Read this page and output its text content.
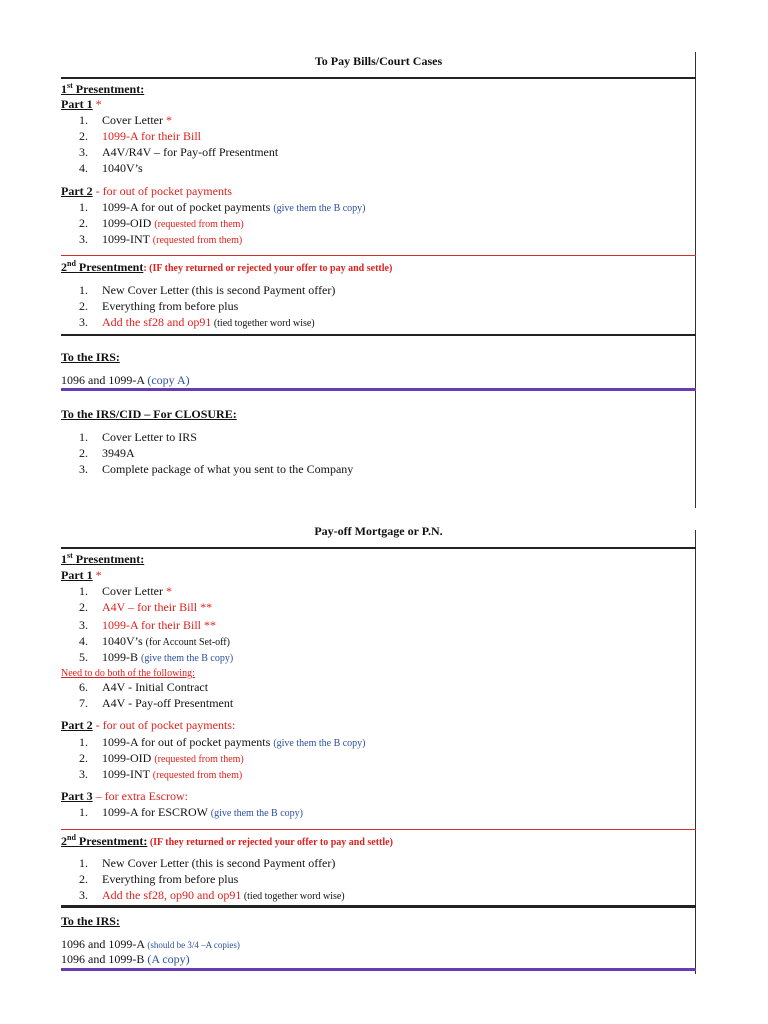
To Pay Bills/Court Cases
1st Presentment:
Part 1 *
1. Cover Letter *
2. 1099-A for their Bill
3. A4V/R4V – for Pay-off Presentment
4. 1040V’s
Part 2 - for out of pocket payments
1. 1099-A for out of pocket payments (give them the B copy)
2. 1099-OID (requested from them)
3. 1099-INT (requested from them)
2nd Presentment: (IF they returned or rejected your offer to pay and settle)
1. New Cover Letter (this is second Payment offer)
2. Everything from before plus
3. Add the sf28 and op91 (tied together word wise)
To the IRS:
1096 and 1099-A (copy A)
To the IRS/CID – For CLOSURE:
1. Cover Letter to IRS
2. 3949A
3. Complete package of what you sent to the Company
Pay-off Mortgage or P.N.
1st Presentment:
Part 1 *
1. Cover Letter *
2. A4V – for their Bill **
3. 1099-A for their Bill **
4. 1040V’s (for Account Set-off)
5. 1099-B (give them the B copy)
Need to do both of the following:
6. A4V - Initial Contract
7. A4V - Pay-off Presentment
Part 2 - for out of pocket payments:
1. 1099-A for out of pocket payments (give them the B copy)
2. 1099-OID (requested from them)
3. 1099-INT (requested from them)
Part 3 – for extra Escrow:
1. 1099-A for ESCROW (give them the B copy)
2nd Presentment: (IF they returned or rejected your offer to pay and settle)
1. New Cover Letter (this is second Payment offer)
2. Everything from before plus
3. Add the sf28, op90 and op91 (tied together word wise)
To the IRS:
1096 and 1099-A (should be 3/4 –A copies)
1096 and 1099-B (A copy)
